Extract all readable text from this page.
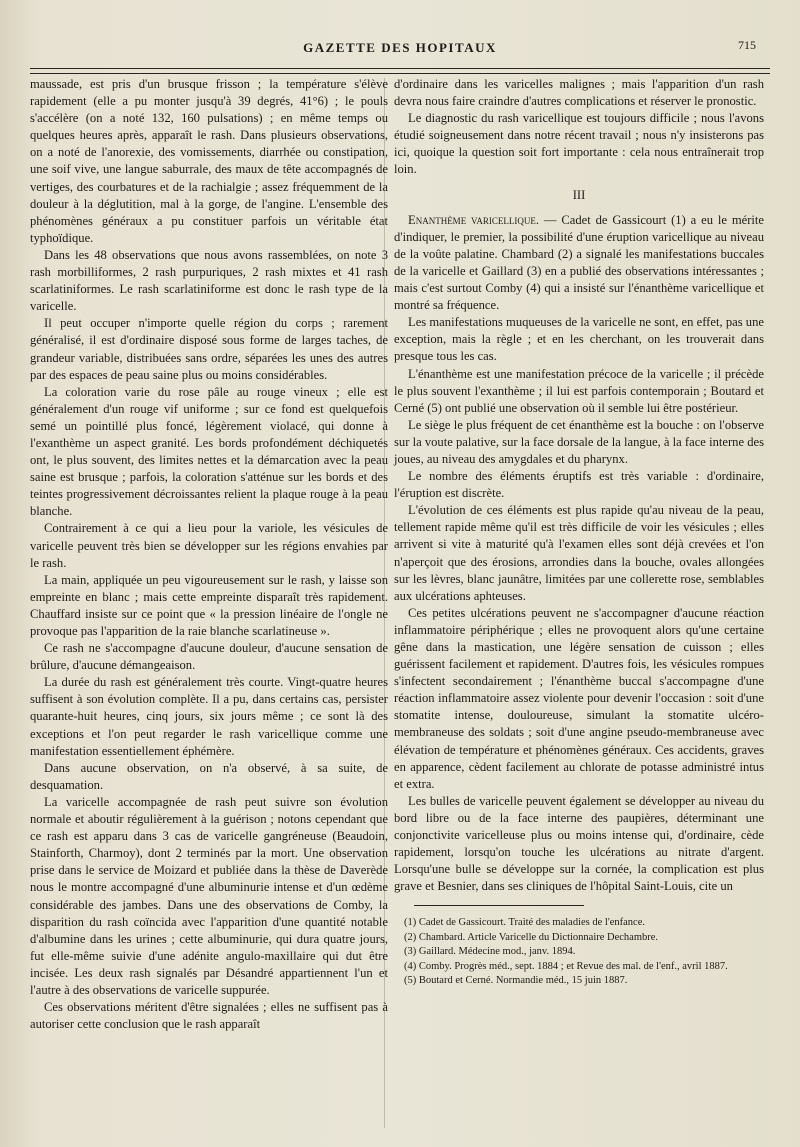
GAZETTE DES HOPITAUX	715

maussade, est pris d'un brusque frisson ; la température s'élève rapidement (elle a pu monter jusqu'à 39 degrés, 41°6) ; le pouls s'accélère (on a noté 132, 160 pulsations) ; en même temps ou quelques heures après, apparaît le rash. Dans plusieurs observations, on a noté de l'anorexie, des vomissements, diarrhée ou constipation, une soif vive, une langue saburrale, des maux de tête accompagnés de vertiges, des courbatures et de la rachialgie ; assez fréquemment de la douleur à la déglutition, mal à la gorge, de l'angine. L'ensemble des phénomènes généraux a pu constituer parfois un véritable état typhoïdique.

Dans les 48 observations que nous avons rassemblées, on note 3 rash morbilliformes, 2 rash purpuriques, 2 rash mixtes et 41 rash scarlatiniformes. Le rash scarlatiniforme est donc le rash type de la varicelle.

Il peut occuper n'importe quelle région du corps ; rarement généralisé, il est d'ordinaire disposé sous forme de larges taches, de grandeur variable, distribuées sans ordre, séparées les unes des autres par des espaces de peau saine plus ou moins considérables.

La coloration varie du rose pâle au rouge vineux ; elle est généralement d'un rouge vif uniforme ; sur ce fond est quelquefois semé un pointillé plus foncé, légèrement violacé, qui donne à l'exanthème un aspect granité. Les bords profondément déchiquetés ont, le plus souvent, des limites nettes et la démarcation avec la peau saine est brusque ; parfois, la coloration s'atténue sur les bords et des teintes progressivement décroissantes relient la plaque rouge à la peau blanche.

Contrairement à ce qui a lieu pour la variole, les vésicules de varicelle peuvent très bien se développer sur les régions envahies par le rash.

La main, appliquée un peu vigoureusement sur le rash, y laisse son empreinte en blanc ; mais cette empreinte disparaît très rapidement. Chauffard insiste sur ce point que « la pression linéaire de l'ongle ne provoque pas l'apparition de la raie blanche scarlatineuse ».

Ce rash ne s'accompagne d'aucune douleur, d'aucune sensation de brûlure, d'aucune démangeaison.

La durée du rash est généralement très courte. Vingt-quatre heures suffisent à son évolution complète. Il a pu, dans certains cas, persister quarante-huit heures, cinq jours, six jours même ; ce sont là des exceptions et l'on peut regarder le rash varicellique comme une manifestation essentiellement éphémère.

Dans aucune observation, on n'a observé, à sa suite, de desquamation.

La varicelle accompagnée de rash peut suivre son évolution normale et aboutir régulièrement à la guérison ; notons cependant que ce rash est apparu dans 3 cas de varicelle gangréneuse (Beaudoin, Stainforth, Charmoy), dont 2 terminés par la mort. Une observation prise dans le service de Moizard et publiée dans la thèse de Daverède nous le montre accompagné d'une albuminurie intense et d'un œdème considérable des jambes. Dans une des observations de Comby, la disparition du rash coïncida avec l'apparition d'une quantité notable d'albumine dans les urines ; cette albuminurie, qui dura quatre jours, fut elle-même suivie d'une adénite angulo-maxillaire qui dut être incisée. Les deux rash signalés par Désandré appartiennent l'un et l'autre à des observations de varicelle suppurée.

Ces observations méritent d'être signalées ; elles ne suffisent pas à autoriser cette conclusion que le rash apparaît

d'ordinaire dans les varicelles malignes ; mais l'apparition d'un rash devra nous faire craindre d'autres complications et réserver le pronostic.

Le diagnostic du rash varicellique est toujours difficile ; nous l'avons étudié soigneusement dans notre récent travail ; nous n'y insisterons pas ici, quoique la question soit fort importante : cela nous entraînerait trop loin.

III

Enanthème varicellique. — Cadet de Gassicourt (1) a eu le mérite d'indiquer, le premier, la possibilité d'une éruption varicellique au niveau de la voûte palatine. Chambard (2) a signalé les manifestations buccales de la varicelle et Gaillard (3) en a publié des observations intéressantes ; mais c'est surtout Comby (4) qui a insisté sur l'énanthème varicellique et montré sa fréquence.

Les manifestations muqueuses de la varicelle ne sont, en effet, pas une exception, mais la règle ; et en les cherchant, on les trouverait dans presque tous les cas.

L'énanthème est une manifestation précoce de la varicelle ; il précède le plus souvent l'exanthème ; il lui est parfois contemporain ; Boutard et Cerné (5) ont publié une observation où il semble lui être postérieur.

Le siège le plus fréquent de cet énanthème est la bouche : on l'observe sur la voute palative, sur la face dorsale de la langue, à la face interne des joues, au niveau des amygdales et du pharynx.

Le nombre des éléments éruptifs est très variable : d'ordinaire, l'éruption est discrète.

L'évolution de ces éléments est plus rapide qu'au niveau de la peau, tellement rapide même qu'il est très difficile de voir les vésicules ; elles arrivent si vite à maturité qu'à l'examen elles sont déjà crevées et l'on n'aperçoit que des érosions, arrondies dans la bouche, ovales allongées sur les lèvres, blanc jaunâtre, limitées par une collerette rose, semblables aux ulcérations aphteuses.

Ces petites ulcérations peuvent ne s'accompagner d'aucune réaction inflammatoire périphérique ; elles ne provoquent alors qu'une certaine gêne dans la mastication, une légère sensation de cuisson ; elles guérissent facilement et rapidement. D'autres fois, les vésicules rompues s'infectent secondairement ; l'énanthème buccal s'accompagne d'une réaction inflammatoire assez violente pour devenir l'occasion : soit d'une stomatite intense, douloureuse, simulant la stomatite ulcéro-membraneuse des soldats ; soit d'une angine pseudo-membraneuse avec élévation de température et phénomènes généraux. Ces accidents, graves en apparence, cèdent facilement au chlorate de potasse administré intus et extra.

Les bulles de varicelle peuvent également se développer au niveau du bord libre ou de la face interne des paupières, déterminant une conjonctivite varicelleuse plus ou moins intense qui, d'ordinaire, cède rapidement, lorsqu'on touche les ulcérations au nitrate d'argent. Lorsqu'une bulle se développe sur la cornée, la complication est plus grave et Besnier, dans ses cliniques de l'hôpital Saint-Louis, cite un

(1) Cadet de Gassicourt. Traité des maladies de l'enfance.
(2) Chambard. Article Varicelle du Dictionnaire Dechambre.
(3) Gaillard. Médecine mod., janv. 1894.
(4) Comby. Progrès méd., sept. 1884 ; et Revue des mal. de l'enf., avril 1887.
(5) Boutard et Cerné. Normandie méd., 15 juin 1887.
